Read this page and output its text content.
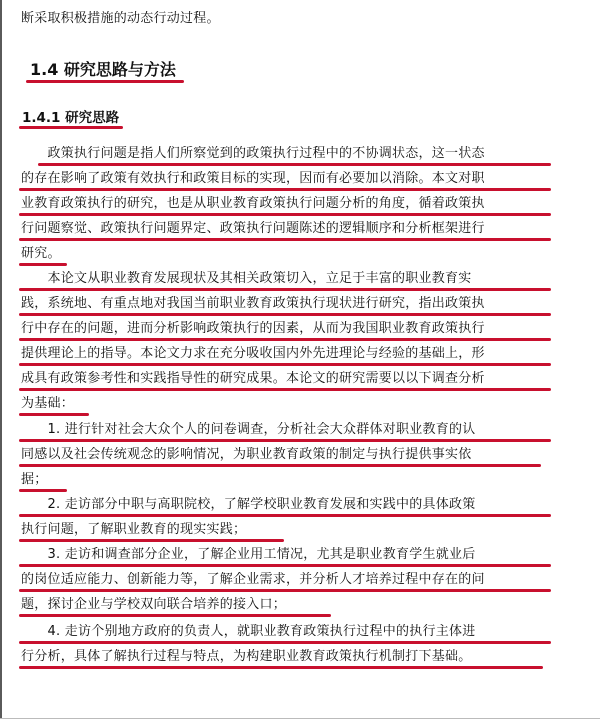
断采取积极措施的动态行动过程。
1.4 研究思路与方法
1.4.1 研究思路
　　政策执行问题是指人们所察觉到的政策执行过程中的不协调状态，这一状态
的存在影响了政策有效执行和政策目标的实现，因而有必要加以消除。本文对职
业教育政策执行的研究，也是从职业教育政策执行问题分析的角度，循着政策执
行问题察觉、政策执行问题界定、政策执行问题陈述的逻辑顺序和分析框架进行
研究。
　　本论文从职业教育发展现状及其相关政策切入，立足于丰富的职业教育实
践，系统地、有重点地对我国当前职业教育政策执行现状进行研究，指出政策执
行中存在的问题，进而分析影响政策执行的因素，从而为我国职业教育政策执行
提供理论上的指导。本论文力求在充分吸收国内外先进理论与经验的基础上，形
成具有政策参考性和实践指导性的研究成果。本论文的研究需要以以下调查分析
为基础：
　　1. 进行针对社会大众个人的问卷调查，分析社会大众群体对职业教育的认
同感以及社会传统观念的影响情况，为职业教育政策的制定与执行提供事实依
据；
　　2. 走访部分中职与高职院校，了解学校职业教育发展和实践中的具体政策
执行问题，了解职业教育的现实实践；
　　3. 走访和调查部分企业，了解企业用工情况，尤其是职业教育学生就业后
的岗位适应能力、创新能力等，了解企业需求，并分析人才培养过程中存在的问
题，探讨企业与学校双向联合培养的接入口；
　　4. 走访个别地方政府的负责人，就职业教育政策执行过程中的执行主体进
行分析，具体了解执行过程与特点，为构建职业教育政策执行机制打下基础。
